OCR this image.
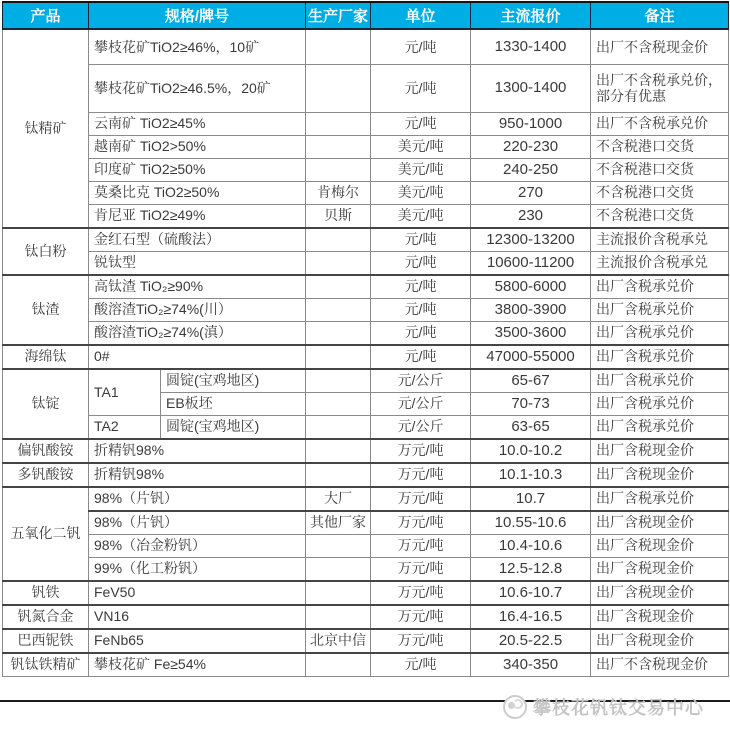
产品	规格/牌号		生产厂家	单位	主流报价	备注
钛精矿	攀枝花矿TiO2≥46%，10矿			元/吨	1330-1400	出厂不含税现金价
	攀枝花矿TiO2≥46.5%，20矿			元/吨	1300-1400	出厂不含税承兑价，部分有优惠
	云南矿 TiO2≥45%			元/吨	950-1000	出厂不含税承兑价
	越南矿 TiO2>50%			美元/吨	220-230	不含税港口交货
	印度矿 TiO2≥50%			美元/吨	240-250	不含税港口交货
	莫桑比克 TiO2≥50%		肯梅尔	美元/吨	270	不含税港口交货
	肯尼亚 TiO2≥49%		贝斯	美元/吨	230	不含税港口交货
钛白粉	金红石型（硫酸法）			元/吨	12300-13200	主流报价含税承兑
	锐钛型			元/吨	10600-11200	主流报价含税承兑
钛渣	高钛渣 TiO₂≥90%			元/吨	5800-6000	出厂含税承兑价
	酸溶渣TiO₂≥74%(川）			元/吨	3800-3900	出厂含税承兑价
	酸溶渣TiO₂≥74%(滇）			元/吨	3500-3600	出厂含税承兑价
海绵钛	0#			元/吨	47000-55000	出厂含税承兑价
钛锭	TA1	圆锭(宝鸡地区)		元/公斤	65-67	出厂含税承兑价
		EB板坯		元/公斤	70-73	出厂含税承兑价
	TA2	圆锭(宝鸡地区)		元/公斤	63-65	出厂含税承兑价
偏钒酸铵	折精钒98%			万元/吨	10.0-10.2	出厂含税现金价
多钒酸铵	折精钒98%			万元/吨	10.1-10.3	出厂含税现金价
五氧化二钒	98%（片钒）		大厂	万元/吨	10.7	出厂含税承兑价
	98%（片钒）		其他厂家	万元/吨	10.55-10.6	出厂含税现金价
	98%（冶金粉钒）			万元/吨	10.4-10.6	出厂含税现金价
	99%（化工粉钒）			万元/吨	12.5-12.8	出厂含税现金价
钒铁	FeV50			万元/吨	10.6-10.7	出厂含税现金价
钒氮合金	VN16			万元/吨	16.4-16.5	出厂含税现金价
巴西铌铁	FeNb65		北京中信	万元/吨	20.5-22.5	出厂含税现金价
钒钛铁精矿	攀枝花矿 Fe≥54%			元/吨	340-350	出厂不含税现金价
攀枝花钒钛交易中心
